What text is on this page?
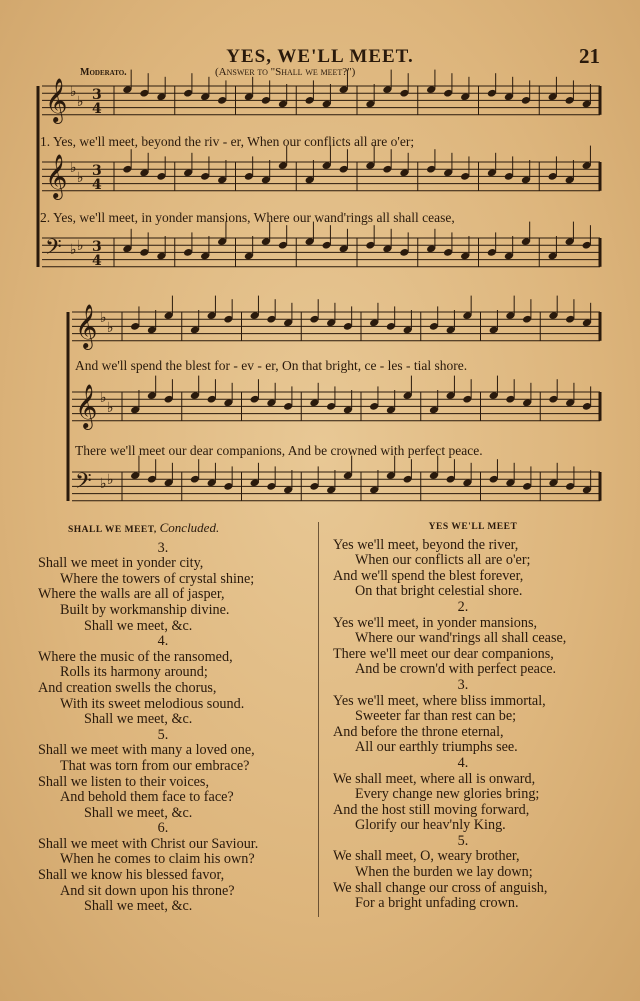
YES, WE'LL MEET.	21
Moderato.	(Answer to "Shall we meet?")
𝄞 ♭
♭ 3
4
𝄞 ♭
♭ 3
4
𝄢 ♭ ♭ 3
4
𝄞 ♭
♭
𝄞 ♭
♭
𝄢 ♭ ♭
1. Yes, we'll meet, beyond the riv - er, When our conflicts all are o'er;
2. Yes, we'll meet, in yonder mansions, Where our wand'rings all shall cease,
And we'll spend the blest for - ev - er, On that bright, ce - les - tial shore.
There we'll meet our dear companions, And be crowned with perfect peace.
SHALL WE MEET, Concluded.
3.
Shall we meet in yonder city,
Where the towers of crystal shine;
Where the walls are all of jasper,
Built by workmanship divine.
Shall we meet, &c.
4.
Where the music of the ransomed,
Rolls its harmony around;
And creation swells the chorus,
With its sweet melodious sound.
Shall we meet, &c.
5.
Shall we meet with many a loved one,
That was torn from our embrace?
Shall we listen to their voices,
And behold them face to face?
Shall we meet, &c.
6.
Shall we meet with Christ our Saviour.
When he comes to claim his own?
Shall we know his blessed favor,
And sit down upon his throne?
Shall we meet, &c.
YES WE'LL MEET
Yes we'll meet, beyond the river,
When our conflicts all are o'er;
And we'll spend the blest forever,
On that bright celestial shore.
2.
Yes we'll meet, in yonder mansions,
Where our wand'rings all shall cease,
There we'll meet our dear companions,
And be crown'd with perfect peace.
3.
Yes we'll meet, where bliss immortal,
Sweeter far than rest can be;
And before the throne eternal,
All our earthly triumphs see.
4.
We shall meet, where all is onward,
Every change new glories bring;
And the host still moving forward,
Glorify our heav'nly King.
5.
We shall meet, O, weary brother,
When the burden we lay down;
We shall change our cross of anguish,
For a bright unfading crown.
